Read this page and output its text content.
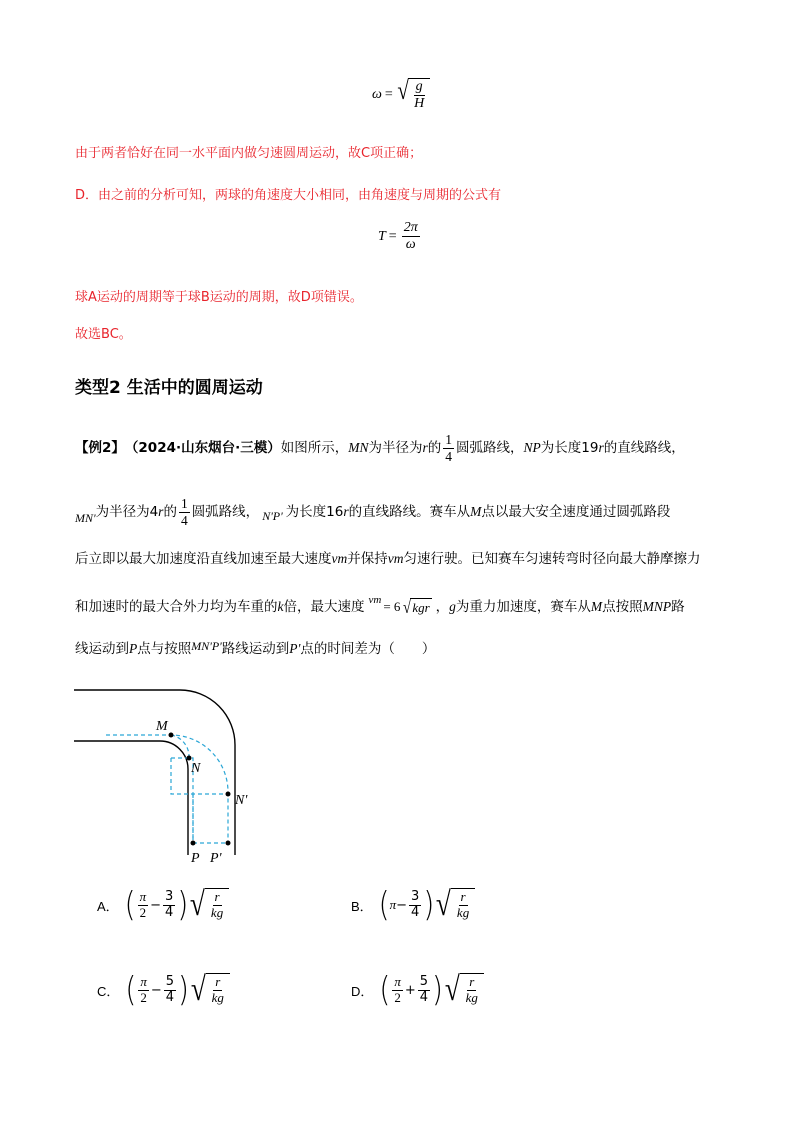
ω = √ $\frac{g}{H}$
由于两者恰好在同一水平面内做匀速圆周运动，故C项正确；
D．由之前的分析可知，两球的角速度大小相同，由角速度与周期的公式有
$T = \frac{2\pi}{\omega}$
球A运动的周期等于球B运动的周期，故D项错误。
故选BC。
类型2 生活中的圆周运动
【例2】 （2024·山东烟台·三模） 如图所示， MN 为半径为 r 的 $\frac{1}{4}$ 圆弧路线， NP 为长度19 r 的直线路线，
MN' 为半径为4 r 的 $\frac{1}{4}$ 圆弧路线， N'P' 为长度16 r 的直线路线。赛车从 M 点以最大安全速度通过圆弧路段
后立即以最大加速度沿直线加速至最大速度 vm 并保持 vm 匀速行驶。已知赛车匀速转弯时径向最大静摩擦力
和加速时的最大合外力均为车重的 k 倍，最大速度 vm = 6 √ kgr ， g 为重力加速度，赛车从 M 点按照 MNP 路
线运动到 P 点与按照 MN'P' 路线运动到 P' 点的时间差为（　　）
M
N
N'
P P'
A． ( $\frac{\pi}{2} - \frac{3}{4}$ ) √ $\frac{r}{kg}$	B． ( $\pi - \frac{3}{4}$ ) √ $\frac{r}{kg}$
C． ( $\frac{\pi}{2} - \frac{5}{4}$ ) √ $\frac{r}{kg}$	D． ( $\frac{\pi}{2} + \frac{5}{4}$ ) √ $\frac{r}{kg}$
